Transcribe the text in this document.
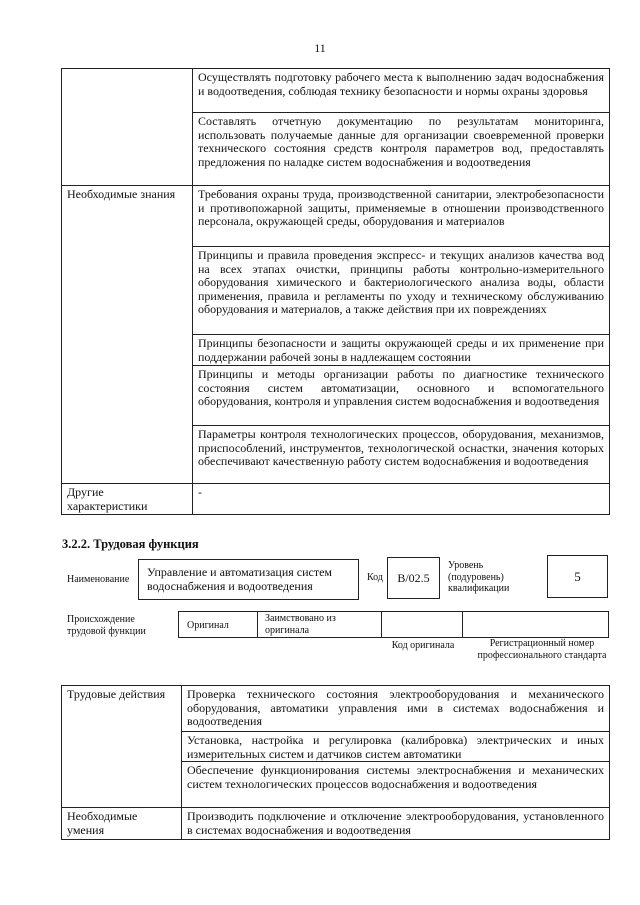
11
	Осуществлять подготовку рабочего места к выполнению задач водоснабжения и водоотведения, соблюдая технику безопасности и нормы охраны здоровья
	Составлять отчетную документацию по результатам мониторинга, использовать получаемые данные для организации своевременной проверки технического состояния средств контроля параметров вод, предоставлять предложения по наладке систем водоснабжения и водоотведения
Необходимые знания	Требования охраны труда, производственной санитарии, электробезопасности и противопожарной защиты, применяемые в отношении производственного персонала, окружающей среды, оборудования и материалов
	Принципы и правила проведения экспресс- и текущих анализов качества вод на всех этапах очистки, принципы работы контрольно-измерительного оборудования химического и бактериологического анализа воды, области применения, правила и регламенты по уходу и техническому обслуживанию оборудования и материалов, а также действия при их повреждениях
	Принципы безопасности и защиты окружающей среды и их применение при поддержании рабочей зоны в надлежащем состоянии
	Принципы и методы организации работы по диагностике технического состояния систем автоматизации, основного и вспомогательного оборудования, контроля и управления систем водоснабжения и водоотведения
	Параметры контроля технологических процессов, оборудования, механизмов, приспособлений, инструментов, технологической оснастки, значения которых обеспечивают качественную работу систем водоснабжения и водоотведения
Другие характеристики	-
3.2.2. Трудовая функция
Наименование
Управление и автоматизация систем водоснабжения и водоотведения
Код	B/02.5
Уровень (подуровень) квалификации
5
Происхождение трудовой функции
Оригинал
Заимствовано из оригинала
Код оригинала	Регистрационный номер профессионального стандарта
Трудовые действия	Проверка технического состояния электрооборудования и механического оборудования, автоматики управления ими в системах водоснабжения и водоотведения
	Установка, настройка и регулировка (калибровка) электрических и иных измерительных систем и датчиков систем автоматики
	Обеспечение функционирования системы электроснабжения и механических систем технологических процессов водоснабжения и водоотведения
Необходимые умения	Производить подключение и отключение электрооборудования, установленного в системах водоснабжения и водоотведения
